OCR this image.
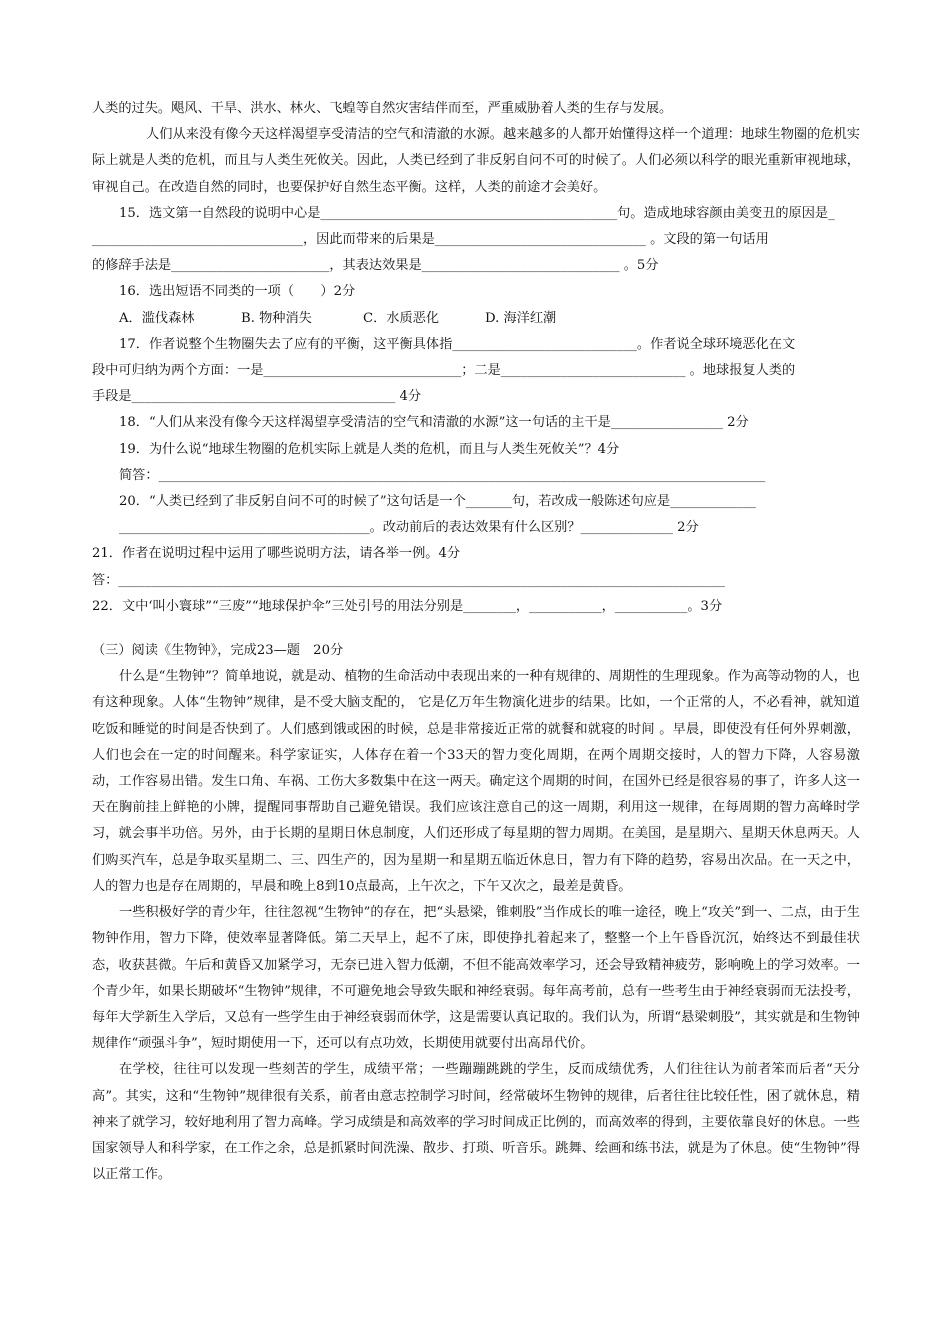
人类的过失。飓风、干旱、洪水、林火、飞蝗等自然灾害结伴而至，严重威胁着人类的生存与发展。

人们从来没有像今天这样渴望享受清洁的空气和清澈的水源。越来越多的人都开始懂得这样一个道理：地球生物圈的危机实际上就是人类的危机，而且与人类生死攸关。因此，人类已经到了非反躬自问不可的时候了。人们必须以科学的眼光重新审视地球，审视自己。在改造自然的同时，也要保护好自然生态平衡。这样，人类的前途才会美好。

15．选文第一自然段的说明中心是_____________________________________________句。造成地球容颜由美变丑的原因是_

________________________________，因此而带来的后果是________________________________ 。文段的第一句话用

的修辞手法是________________________，其表达效果是______________________________ 。5分

16．选出短语不同类的一项（　　）2分

A．滥伐森林	B. 物种消失	C．水质恶化	D. 海洋红潮

17．作者说整个生物圈失去了应有的平衡，这平衡具体指____________________________。作者说全球环境恶化在文

段中可归纳为两个方面：一是______________________________；二是____________________________ 。地球报复人类的

手段是________________________________________ 4分

18．“人们从来没有像今天这样渴望享受清洁的空气和清澈的水源”这一句话的主干是_________________ 2分

19．为什么说“地球生物圈的危机实际上就是人类的危机，而且与人类生死攸关”？4分

简答：____________________________________________________________________________________________

20．“人类已经到了非反躬自问不可的时候了”这句话是一个_______句，若改成一般陈述句应是_____________

______________________________________。改动前后的表达效果有什么区别？______________ 2分

21．作者在说明过程中运用了哪些说明方法，请各举一例。4分

答：____________________________________________________________________________________________

22．文中‘叫小寰球”“三废”“地球保护伞”三处引号的用法分别是________，___________，___________。3分

（三）阅读《生物钟》，完成23—题　20分

什么是“生物钟”？简单地说，就是动、植物的生命活动中表现出来的一种有规律的、周期性的生理现象。作为高等动物的人，也有这种现象。人体“生物钟”规律，是不受大脑支配的， 它是亿万年生物演化进步的结果。比如，一个正常的人，不必看神，就知道吃饭和睡觉的时间是否快到了。人们感到饿或困的时候，总是非常接近正常的就餐和就寝的时间 。早晨，即使没有任何外界刺激，人们也会在一定的时间醒来。科学家证实，人体存在着一个33天的智力变化周期，在两个周期交接时，人的智力下降，人容易激动，工作容易出错。发生口角、车祸、工伤大多数集中在这一两天。确定这个周期的时间，在国外已经是很容易的事了，许多人这一天在胸前挂上鲜艳的小牌，提醒同事帮助自己避免错误。我们应该注意自己的这一周期，利用这一规律，在每周期的智力高峰时学习，就会事半功倍。另外，由于长期的星期日休息制度，人们还形成了每星期的智力周期。在美国，是星期六、星期天休息两天。人们购买汽车，总是争取买星期二、三、四生产的，因为星期一和星期五临近休息日，智力有下降的趋势，容易出次品。在一天之中，人的智力也是存在周期的，早晨和晚上8到10点最高，上午次之，下午又次之，最差是黄昏。

一些积极好学的青少年，往往忽视“生物钟”的存在，把“头悬梁，锥刺股”当作成长的唯一途径，晚上“攻关”到一、二点，由于生物钟作用，智力下降，使效率显著降低。第二天早上，起不了床，即使挣扎着起来了，整整一个上午昏昏沉沉，始终达不到最佳状态，收获甚微。午后和黄昏又加紧学习，无奈已进入智力低潮，不但不能高效率学习，还会导致精神疲劳，影响晚上的学习效率。一个青少年，如果长期破坏“生物钟”规律，不可避免地会导致失眠和神经衰弱。每年高考前，总有一些考生由于神经衰弱而无法投考，每年大学新生入学后，又总有一些学生由于神经衰弱而休学，这是需要认真记取的。我们认为，所谓“悬梁刺股”，其实就是和生物钟规律作“顽强斗争”，短时期使用一下，还可以有点功效，长期使用就要付出高昂代价。

在学校，往往可以发现一些刻苦的学生，成绩平常；一些蹦蹦跳跳的学生，反而成绩优秀，人们往往认为前者笨而后者“天分高”。其实，这和“生物钟”规律很有关系，前者由意志控制学习时间，经常破坏生物钟的规律，后者往往比较任性，困了就休息，精神来了就学习，较好地利用了智力高峰。学习成绩是和高效率的学习时间成正比例的，而高效率的得到，主要依靠良好的休息。一些国家领导人和科学家，在工作之余，总是抓紧时间洗澡、散步、打琐、听音乐。跳舞、绘画和练书法，就是为了休息。使“生物钟”得以正常工作。
